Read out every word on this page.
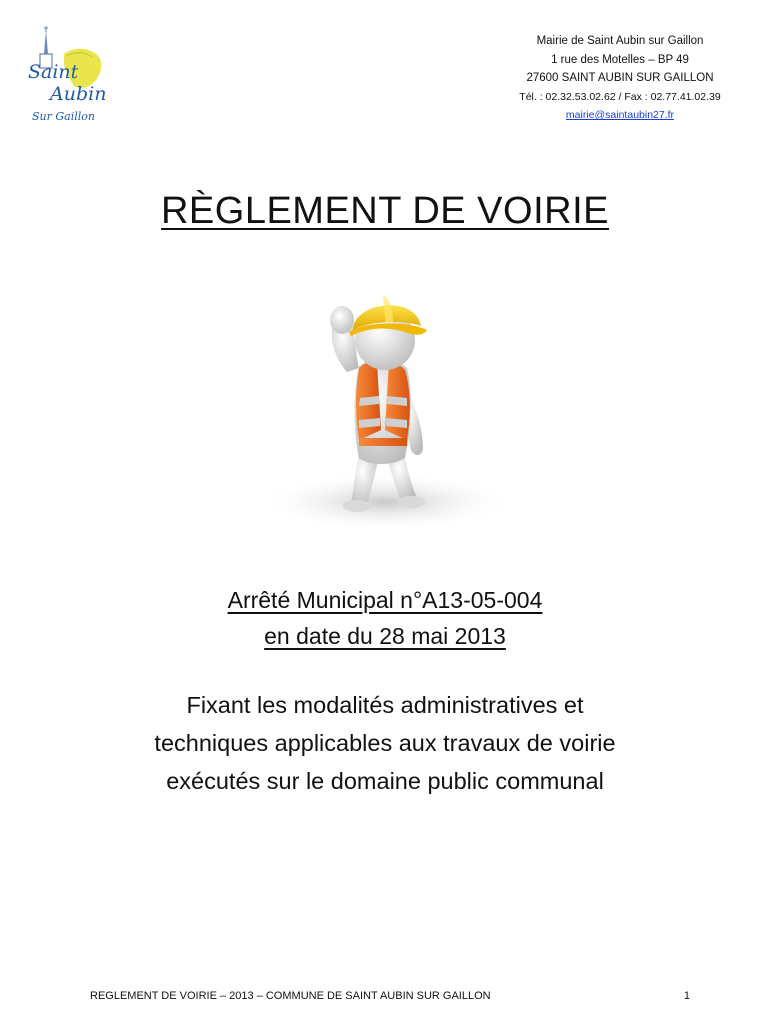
Saint
Aubin
Sur Gaillon
Mairie de Saint Aubin sur Gaillon
1 rue des Motelles – BP 49
27600 SAINT AUBIN SUR GAILLON
Tél. : 02.32.53.02.62 / Fax : 02.77.41.02.39
mairie@saintaubin27.fr
RÈGLEMENT DE VOIRIE
Arrêté Municipal n°A13-05-004
en date du 28 mai 2013
Fixant les modalités administratives et
techniques applicables aux travaux de voirie
exécutés sur le domaine public communal
REGLEMENT DE VOIRIE – 2013 – COMMUNE DE SAINT AUBIN SUR GAILLON	1
